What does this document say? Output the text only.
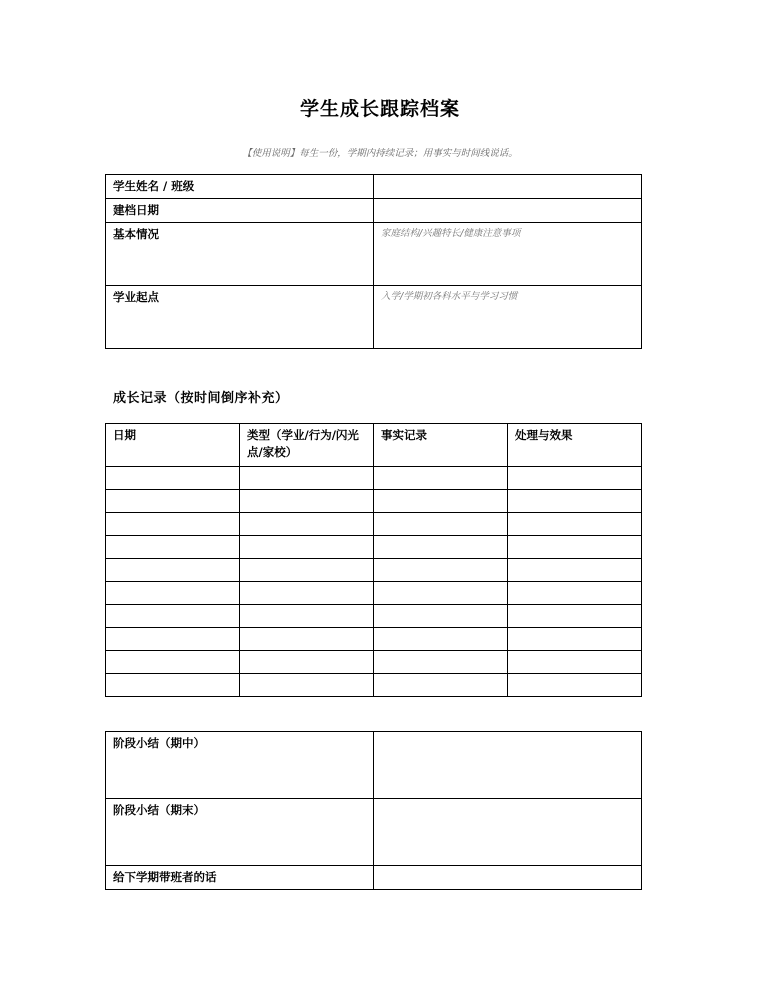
学生成长跟踪档案
【使用说明】每生一份，学期内持续记录；用事实与时间线说话。
学生姓名 / 班级	
建档日期	
基本情况	家庭结构/兴趣特长/健康注意事项
学业起点	入学/学期初各科水平与学习习惯
成长记录（按时间倒序补充）
日期	类型（学业/行为/闪光点/家校）	事实记录	处理与效果

阶段小结（期中）	
阶段小结（期末）	
给下学期带班者的话	
